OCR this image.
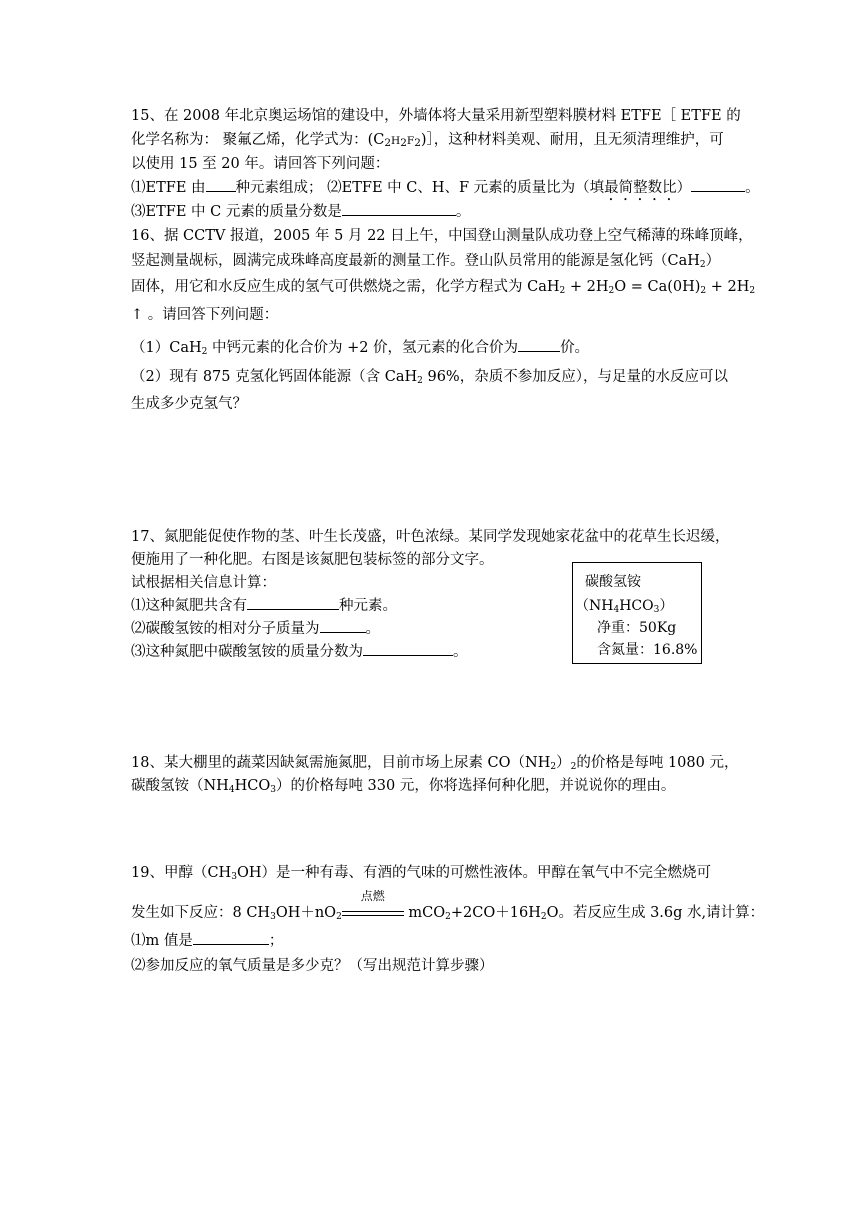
15、在 2008 年北京奥运场馆的建设中，外墙体将大量采用新型塑料膜材料 ETFE［ ETFE 的
化学名称为： 聚氟乙烯，化学式为：$(C_2H_2F_2)]$，这种材料美观、耐用，且无须清理维护，可
以使用 15 至 20 年。请回答下列问题：
⑴ETFE 由 种元素组成； ⑵ETFE 中 C、H、F 元素的质量比为（填最简整数比）	。
⑶ETFE 中 C 元素的质量分数是	。
16、据 CCTV 报道，2005 年 5 月 22 日上午，中国登山测量队成功登上空气稀薄的珠峰顶峰，
竖起测量觇标，圆满完成珠峰高度最新的测量工作。登山队员常用的能源是氢化钙（CaH$_2$）
固体，用它和水反应生成的氢气可供燃烧之需，化学方程式为 $CaH_2 + 2H_2O = Ca(0H)_2 + 2H_2$
↑ 。请回答下列问题：
（1）CaH$_2$ 中钙元素的化合价为 +2 价，氢元素的化合价为	价。
（2）现有 875 克氢化钙固体能源（含 CaH$_2$ 96%，杂质不参加反应），与足量的水反应可以
生成多少克氢气？
17、氮肥能促使作物的茎、叶生长茂盛，叶色浓绿。某同学发现她家花盆中的花草生长迟缓，
便施用了一种化肥。右图是该氮肥包装标签的部分文字。
试根据相关信息计算：
⑴这种氮肥共含有	种元素。
⑵碳酸氢铵的相对分子质量为	。
⑶这种氮肥中碳酸氢铵的质量分数为	。
碳酸氢铵
$(NH_4HCO_3)$
净重：50Kg
含氮量：16.8%
18、某大棚里的蔬菜因缺氮需施氮肥，目前市场上尿素 $CO(NH_2)_2$的价格是每吨 1080 元，
碳酸氢铵$(NH_4HCO_3)$的价格每吨 330 元，你将选择何种化肥，并说说你的理由。
19、甲醇$(CH_3OH)$是一种有毒、有酒的气味的可燃性液体。甲醇在氧气中不完全燃烧可
发生如下反应：8 $CH_3OH+nO_2$
点燃
$mCO_2+2CO+16H_2O$。若反应生成 3.6g 水,请计算：
⑴m 值是	；
⑵参加反应的氧气质量是多少克？（写出规范计算步骤）
